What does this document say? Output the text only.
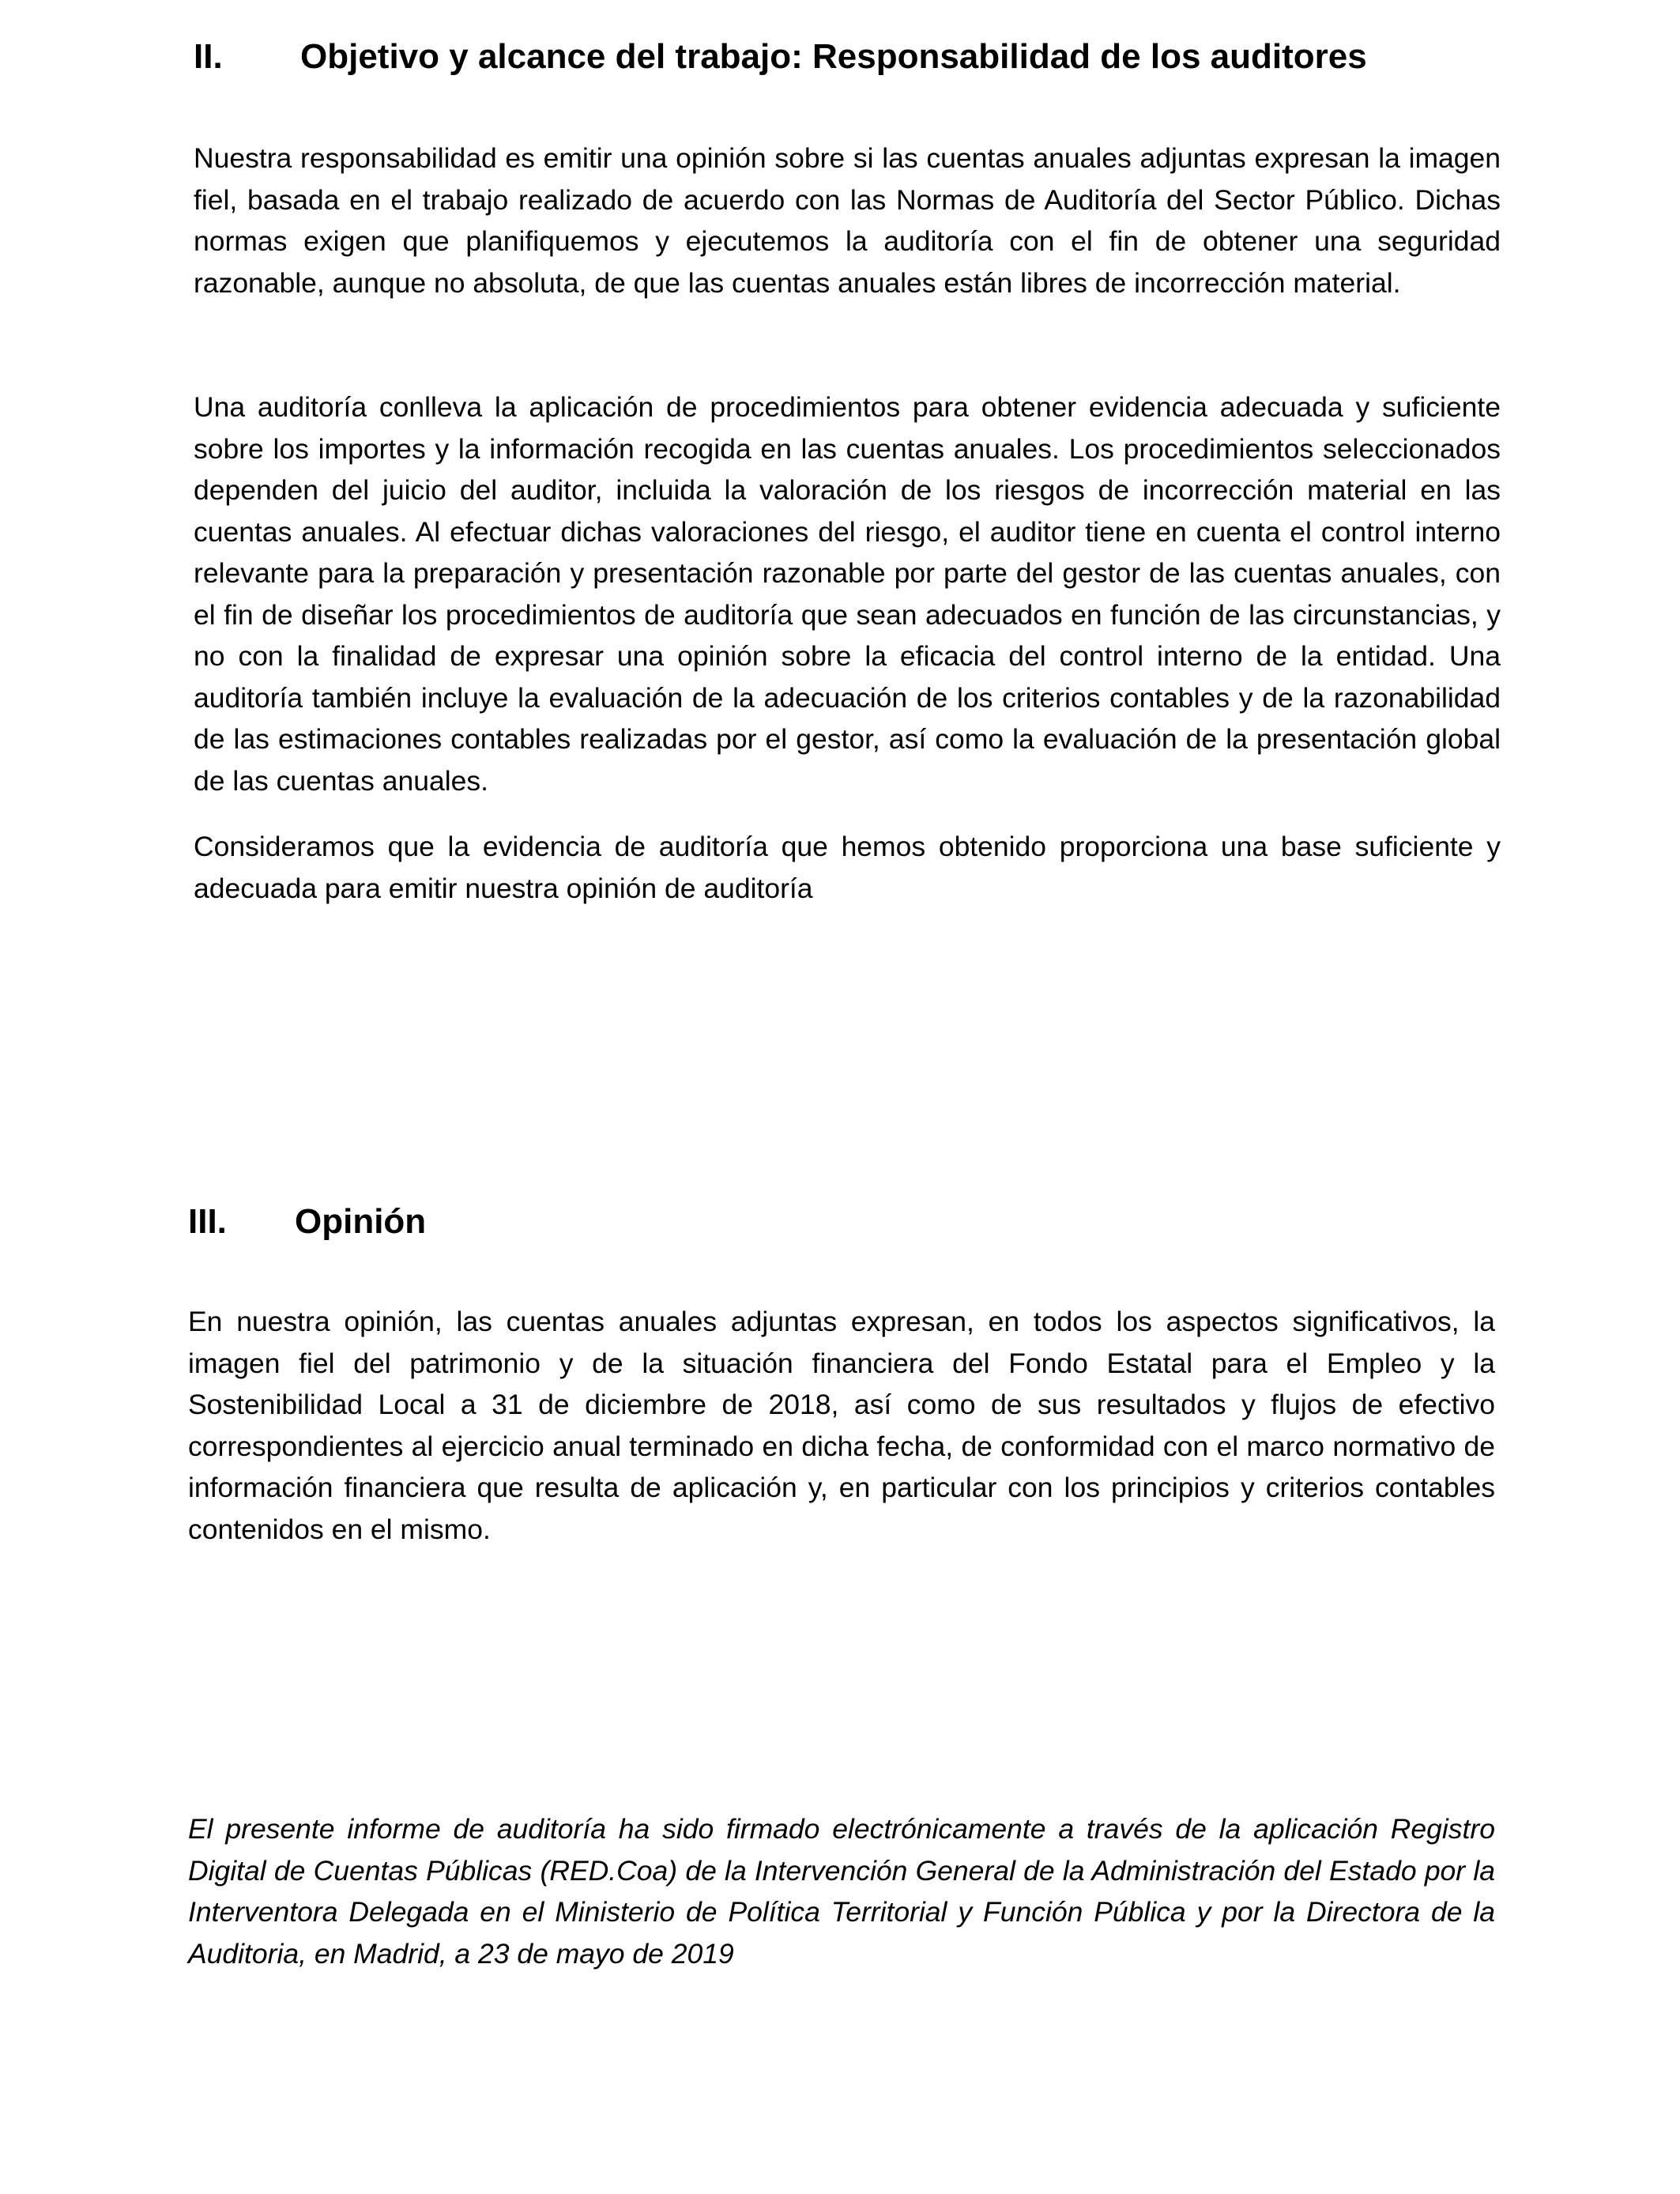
II. Objetivo y alcance del trabajo: Responsabilidad de los auditores

Nuestra responsabilidad es emitir una opinión sobre si las cuentas anuales adjuntas expresan la imagen fiel, basada en el trabajo realizado de acuerdo con las Normas de Auditoría del Sector Público. Dichas normas exigen que planifiquemos y ejecutemos la auditoría con el fin de obtener una seguridad razonable, aunque no absoluta, de que las cuentas anuales están libres de incorrección material.

Una auditoría conlleva la aplicación de procedimientos para obtener evidencia adecuada y suficiente sobre los importes y la información recogida en las cuentas anuales. Los procedimientos seleccionados dependen del juicio del auditor, incluida la valoración de los riesgos de incorrección material en las cuentas anuales. Al efectuar dichas valoraciones del riesgo, el auditor tiene en cuenta el control interno relevante para la preparación y presentación razonable por parte del gestor de las cuentas anuales, con el fin de diseñar los procedimientos de auditoría que sean adecuados en función de las circunstancias, y no con la finalidad de expresar una opinión sobre la eficacia del control interno de la entidad. Una auditoría también incluye la evaluación de la adecuación de los criterios contables y de la razonabilidad de las estimaciones contables realizadas por el gestor, así como la evaluación de la presentación global de las cuentas anuales.

Consideramos que la evidencia de auditoría que hemos obtenido proporciona una base suficiente y adecuada para emitir nuestra opinión de auditoría

III. Opinión

En nuestra opinión, las cuentas anuales adjuntas expresan, en todos los aspectos significativos, la imagen fiel del patrimonio y de la situación financiera del Fondo Estatal para el Empleo y la Sostenibilidad Local a 31 de diciembre de 2018, así como de sus resultados y flujos de efectivo correspondientes al ejercicio anual terminado en dicha fecha, de conformidad con el marco normativo de información financiera que resulta de aplicación y, en particular con los principios y criterios contables contenidos en el mismo.

El presente informe de auditoría ha sido firmado electrónicamente a través de la aplicación Registro Digital de Cuentas Públicas (RED.Coa) de la Intervención General de la Administración del Estado por la Interventora Delegada en el Ministerio de Política Territorial y Función Pública y por la Directora de la Auditoria, en Madrid, a 23 de mayo de 2019
